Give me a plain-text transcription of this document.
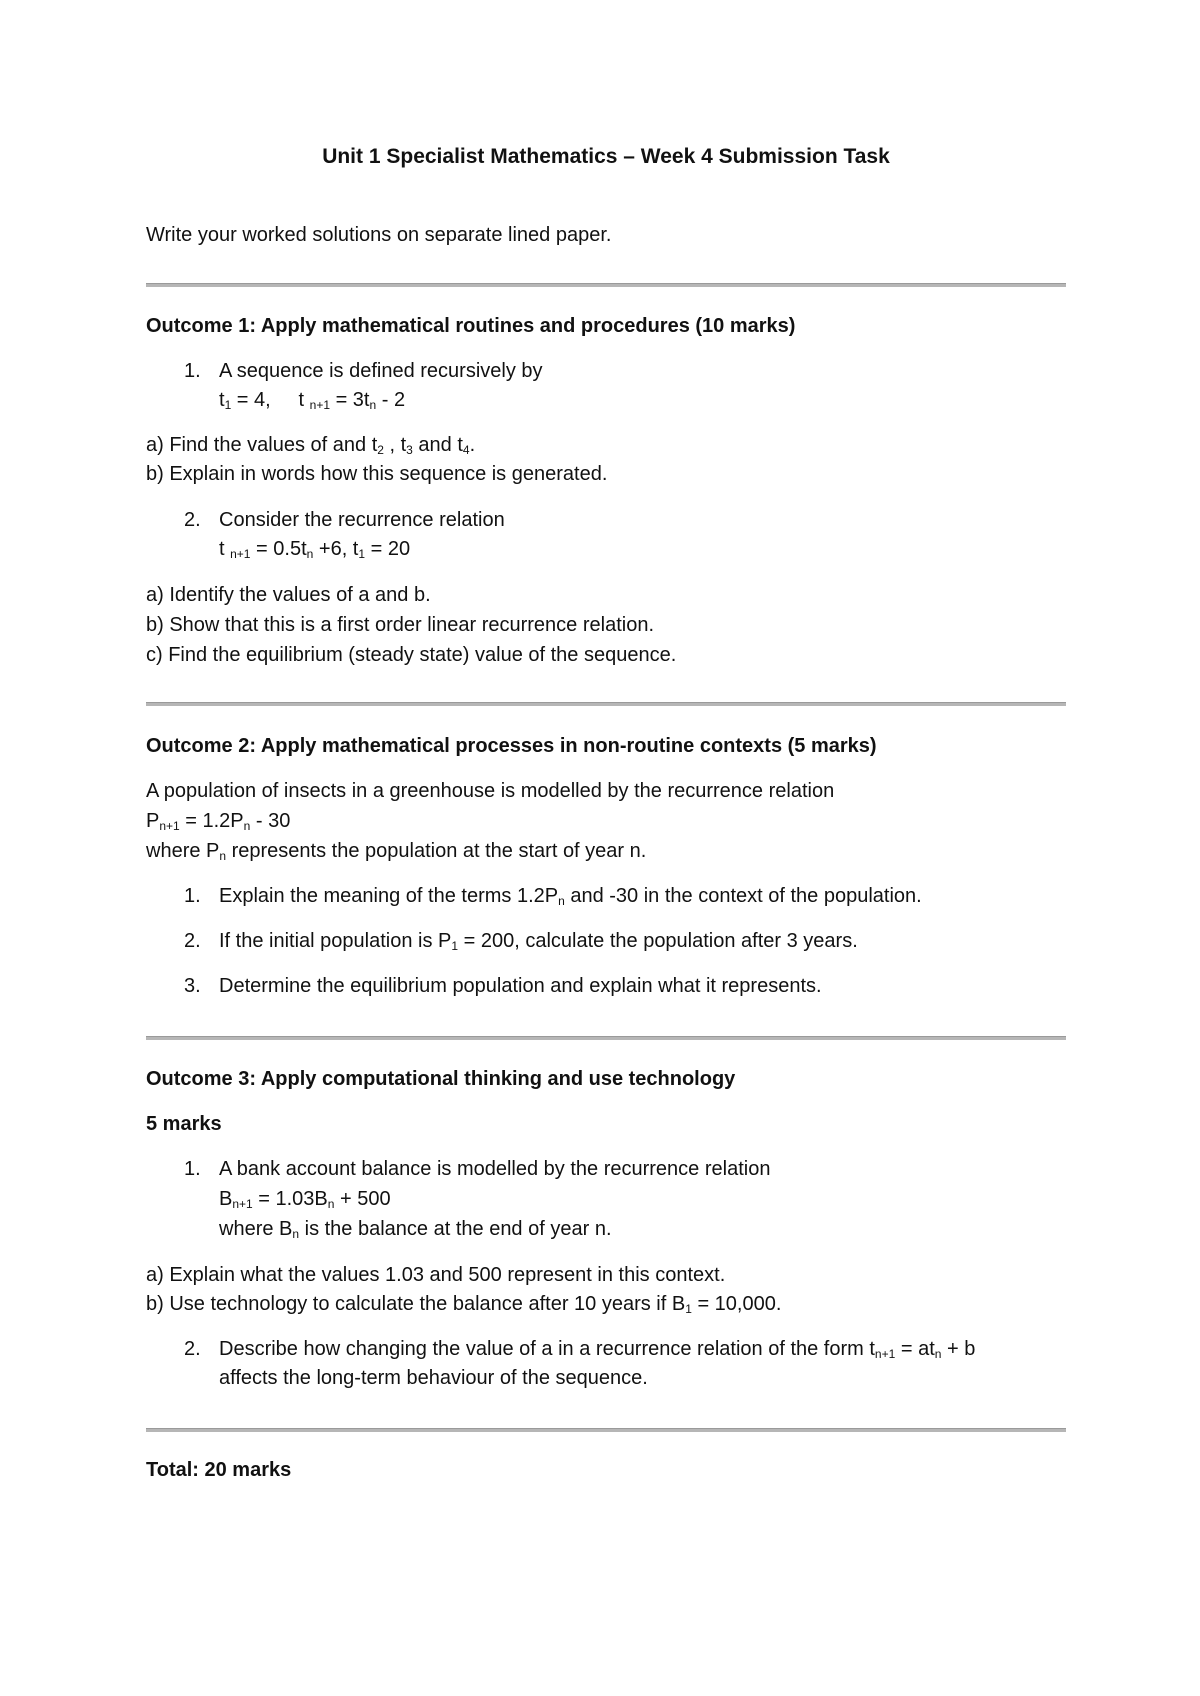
Unit 1 Specialist Mathematics – Week 4 Submission Task
Write your worked solutions on separate lined paper.
Outcome 1: Apply mathematical routines and procedures (10 marks)
1. A sequence is defined recursively by
$t_1 = 4$, t $_{n+1} = 3t_n - 2$
a) Find the values of and $t_2$ , $t_3$ and $t_4$.
b) Explain in words how this sequence is generated.
2. Consider the recurrence relation
t $_{n+1} = 0.5t_n +6$, $t_1 = 20$
a) Identify the values of a and b.
b) Show that this is a first order linear recurrence relation.
c) Find the equilibrium (steady state) value of the sequence.
Outcome 2: Apply mathematical processes in non-routine contexts (5 marks)
A population of insects in a greenhouse is modelled by the recurrence relation
$P_{n+1} = 1.2P_n - 30$
where $P_n$ represents the population at the start of year n.
1. Explain the meaning of the terms $1.2P_n$ and -30 in the context of the population.
2. If the initial population is $P_1 = 200$, calculate the population after 3 years.
3. Determine the equilibrium population and explain what it represents.
Outcome 3: Apply computational thinking and use technology
5 marks
1. A bank account balance is modelled by the recurrence relation
$B_{n+1} = 1.03B_n + 500$
where $B_n$ is the balance at the end of year n.
a) Explain what the values 1.03 and 500 represent in this context.
b) Use technology to calculate the balance after 10 years if $B_1 = 10,000$.
2. Describe how changing the value of a in a recurrence relation of the form $t_{n+1} = at_n + b$
affects the long-term behaviour of the sequence.
Total: 20 marks
